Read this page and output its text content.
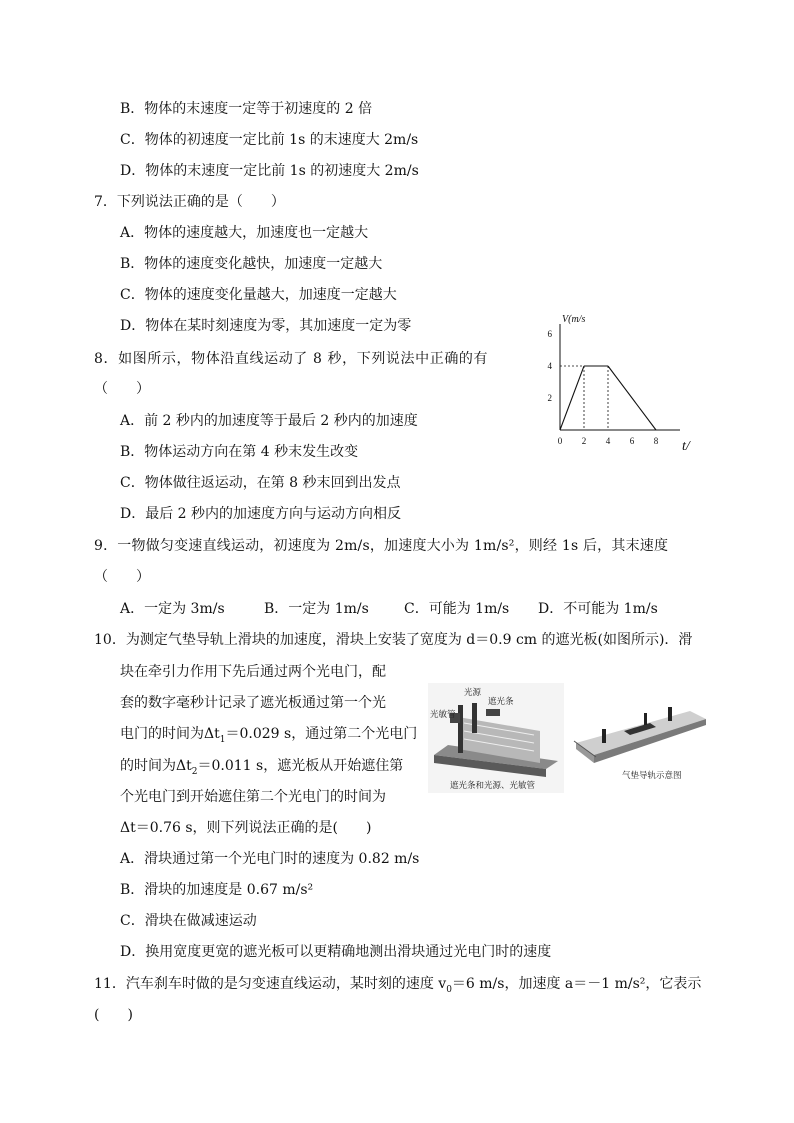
B．物体的末速度一定等于初速度的 2 倍
C．物体的初速度一定比前 1s 的末速度大 2m/s
D．物体的末速度一定比前 1s 的初速度大 2m/s
7．下列说法正确的是（　　）
A．物体的速度越大，加速度也一定越大
B．物体的速度变化越快，加速度一定越大
C．物体的速度变化量越大，加速度一定越大
D．物体在某时刻速度为零，其加速度一定为零
8．如图所示，物体沿直线运动了 8 秒，下列说法中正确的有
（　　）
A．前 2 秒内的加速度等于最后 2 秒内的加速度
B．物体运动方向在第 4 秒末发生改变
C．物体做往返运动，在第 8 秒末回到出发点
D．最后 2 秒内的加速度方向与运动方向相反
V(m/s
t/
0 2 4 6 8
2
4
6
9．一物做匀变速直线运动，初速度为 2m/s，加速度大小为 1m/s²，则经 1s 后，其末速度
（　　）
A．一定为 3m/s	B．一定为 1m/s	C．可能为 1m/s D．不可能为 1m/s
10．为测定气垫导轨上滑块的加速度，滑块上安装了宽度为 d＝0.9 cm 的遮光板(如图所示)．滑
块在牵引力作用下先后通过两个光电门，配
套的数字毫秒计记录了遮光板通过第一个光
电门的时间为$\Delta t_1=0.029$ s，通过第二个光电门
的时间为$\Delta t_2=0.011$ s，遮光板从开始遮住第
个光电门到开始遮住第二个光电门的时间为
Δt＝0.76 s，则下列说法正确的是(　　)
光源
遮光条
光敏管
遮光条和光源、光敏管
气垫导轨示意图
A．滑块通过第一个光电门时的速度为 0.82 m/s
B．滑块的加速度是 0.67 m/s²
C．滑块在做减速运动
D．换用宽度更宽的遮光板可以更精确地测出滑块通过光电门时的速度
11．汽车刹车时做的是匀变速直线运动，某时刻的速度 $v_0=6$ m/s，加速度 a＝－1 m/s²，它表示
(　　)
